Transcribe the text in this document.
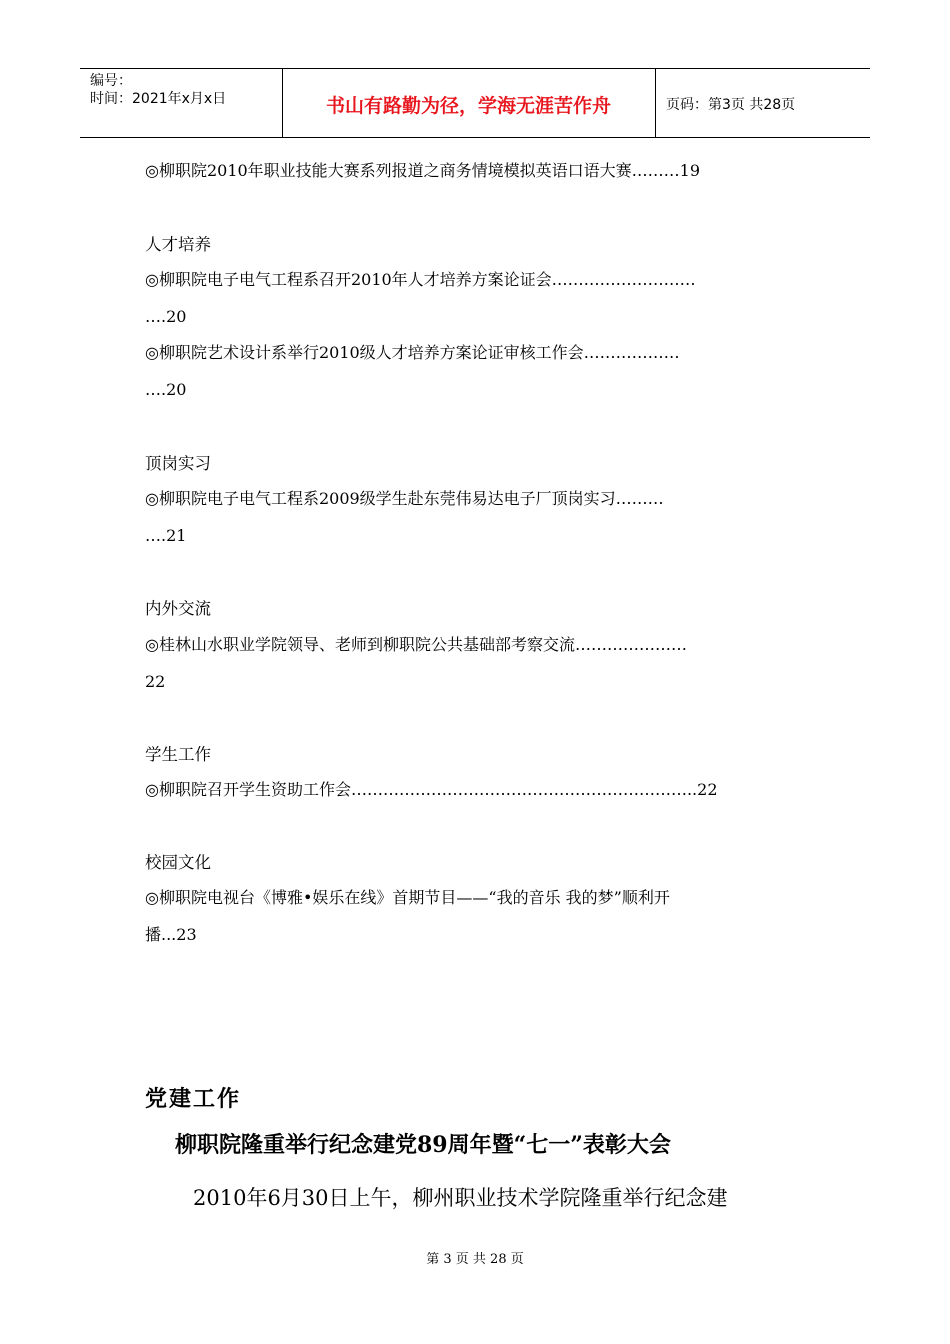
编号：
时间：2021年x月x日	书山有路勤为径，学海无涯苦作舟	页码：第3页 共28页
◎柳职院2010年职业技能大赛系列报道之商务情境模拟英语口语大赛………19
人才培养
◎柳职院电子电气工程系召开2010年人才培养方案论证会………………………
….20
◎柳职院艺术设计系举行2010级人才培养方案论证审核工作会………………
….20
顶岗实习
◎柳职院电子电气工程系2009级学生赴东莞伟易达电子厂顶岗实习………
….21
内外交流
◎桂林山水职业学院领导、老师到柳职院公共基础部考察交流…………………
22
学生工作
◎柳职院召开学生资助工作会………………………………………………………..22
校园文化
◎柳职院电视台《博雅•娱乐在线》首期节目——“我的音乐 我的梦”顺利开
播...23
党建工作
柳职院隆重举行纪念建党89周年暨“七一”表彰大会
2010年6月30日上午，柳州职业技术学院隆重举行纪念建
第 3 页 共 28 页
